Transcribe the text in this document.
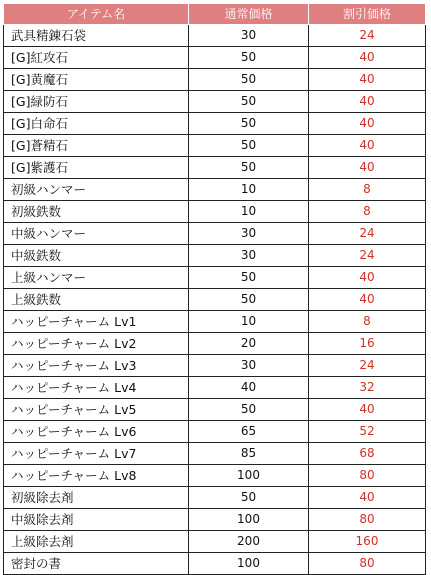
アイテム名	通常価格	割引価格
武具精錬石袋	30	24
[G]紅攻石	50	40
[G]黄魔石	50	40
[G]緑防石	50	40
[G]白命石	50	40
[G]蒼精石	50	40
[G]紫護石	50	40
初級ハンマー	10	8
初級鉄数	10	8
中級ハンマー	30	24
中級鉄数	30	24
上級ハンマー	50	40
上級鉄数	50	40
ハッピーチャーム Lv1	10	8
ハッピーチャーム Lv2	20	16
ハッピーチャーム Lv3	30	24
ハッピーチャーム Lv4	40	32
ハッピーチャーム Lv5	50	40
ハッピーチャーム Lv6	65	52
ハッピーチャーム Lv7	85	68
ハッピーチャーム Lv8	100	80
初級除去剤	50	40
中級除去剤	100	80
上級除去剤	200	160
密封の書	100	80
